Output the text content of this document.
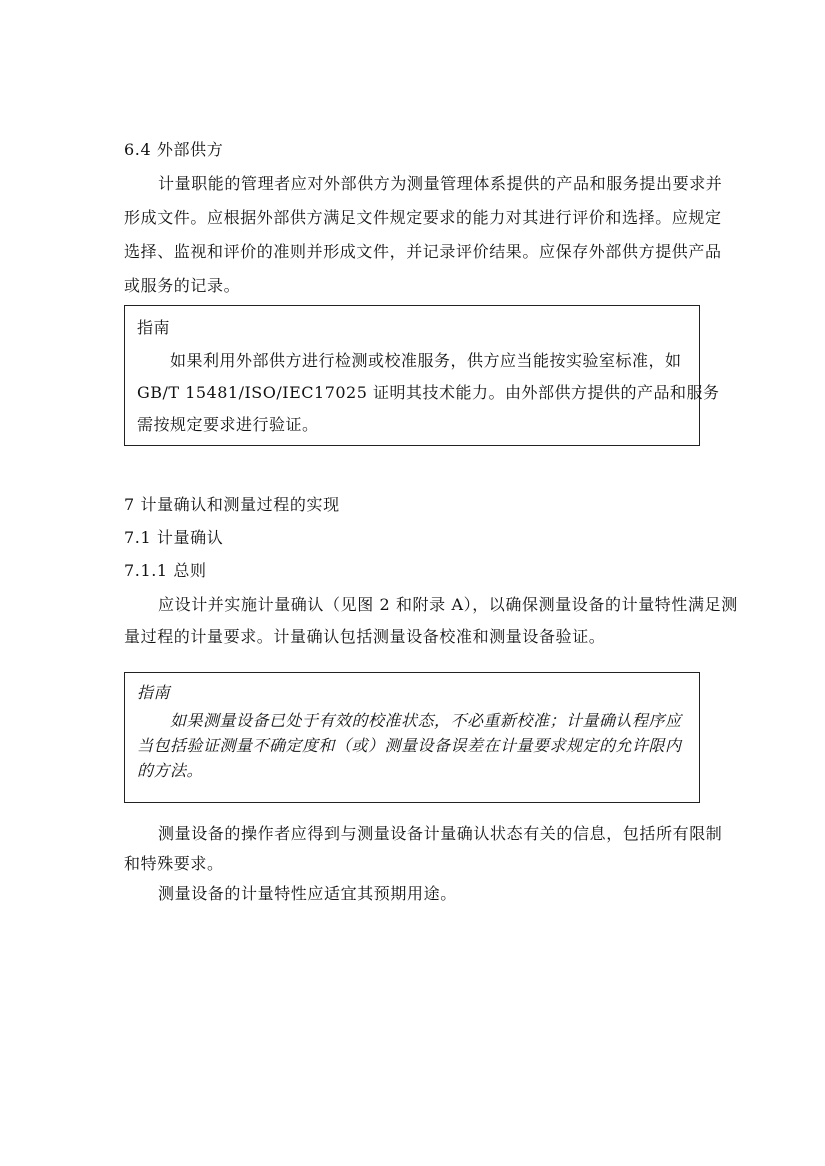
6.4 外部供方
计量职能的管理者应对外部供方为测量管理体系提供的产品和服务提出要求并
形成文件。应根据外部供方满足文件规定要求的能力对其进行评价和选择。应规定
选择、监视和评价的准则并形成文件，并记录评价结果。应保存外部供方提供产品
或服务的记录。
指南
如果利用外部供方进行检测或校准服务，供方应当能按实验室标准，如
GB/T 15481/ISO/IEC17025 证明其技术能力。由外部供方提供的产品和服务
需按规定要求进行验证。
7 计量确认和测量过程的实现
7.1 计量确认
7.1.1 总则
应设计并实施计量确认（见图 2 和附录 A），以确保测量设备的计量特性满足测
量过程的计量要求。计量确认包括测量设备校准和测量设备验证。
指南
如果测量设备已处于有效的校准状态，不必重新校准；计量确认程序应
当包括验证测量不确定度和（或）测量设备误差在计量要求规定的允许限内
的方法。
测量设备的操作者应得到与测量设备计量确认状态有关的信息，包括所有限制
和特殊要求。
测量设备的计量特性应适宜其预期用途。
